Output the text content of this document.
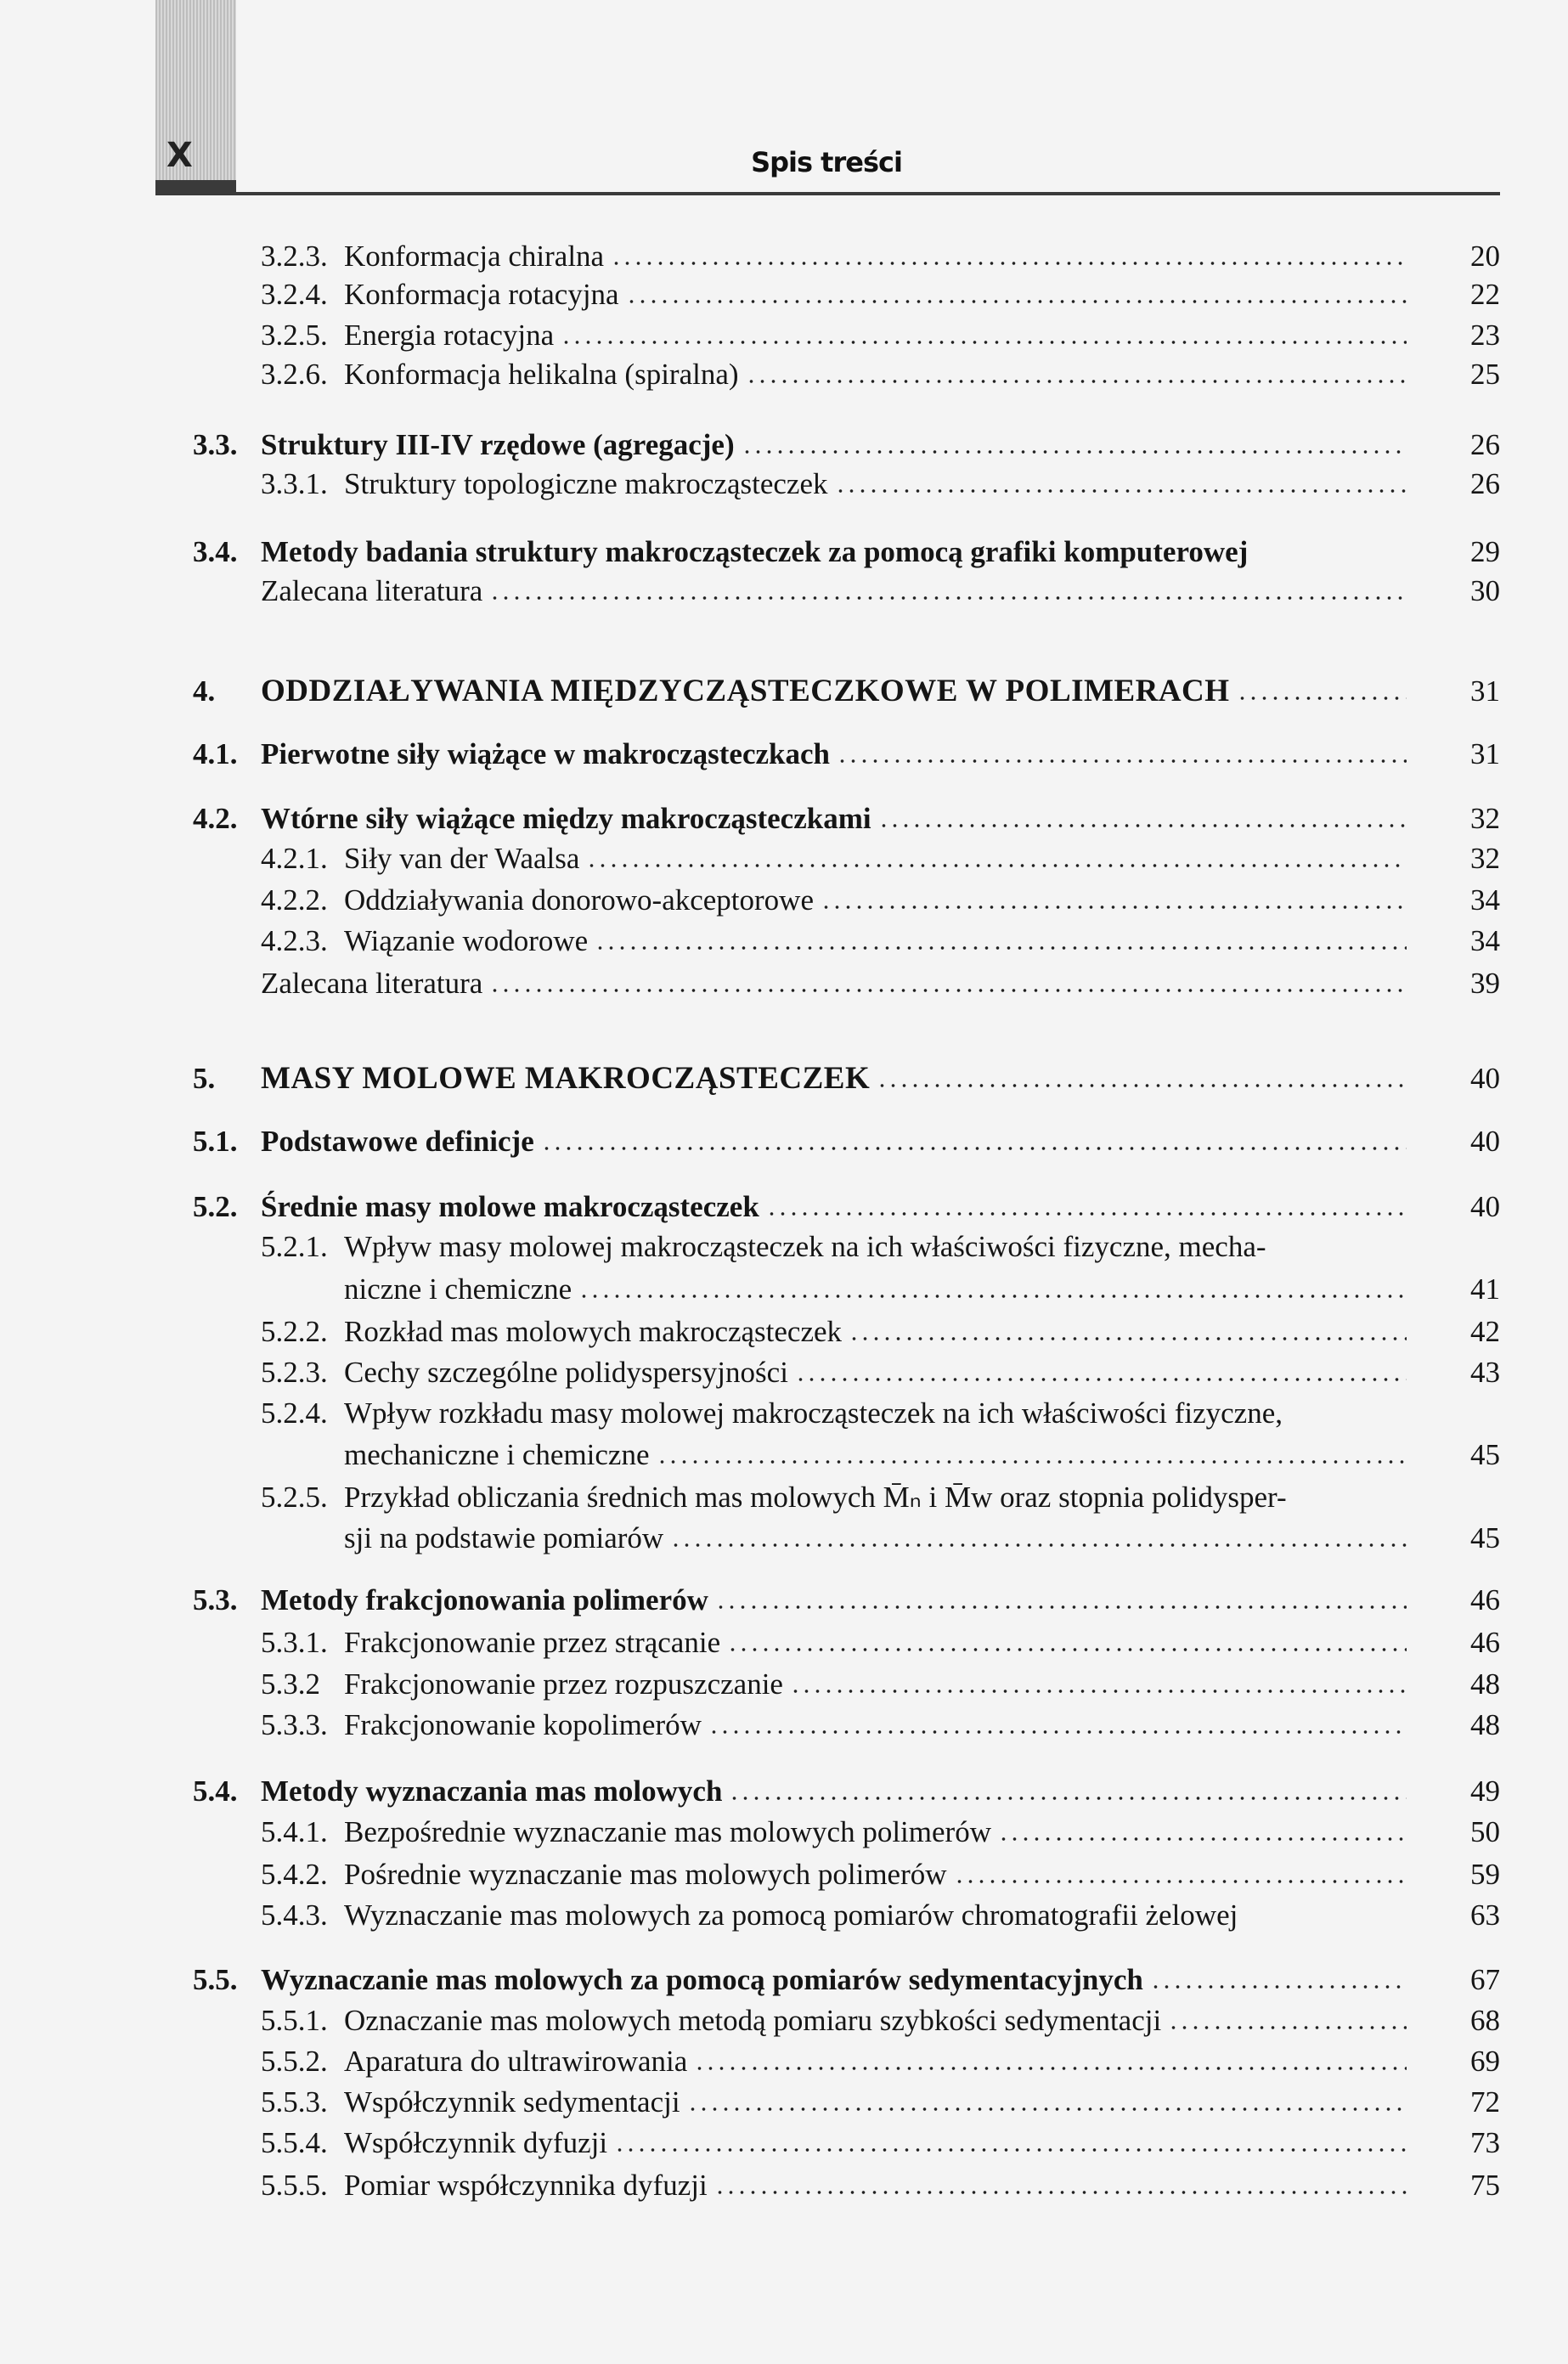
X	Spis treści
3.2.3. Konformacja chiralna	20
3.2.4. Konformacja rotacyjna	22
3.2.5. Energia rotacyjna	23
3.2.6. Konformacja helikalna (spiralna)	25
3.3. Struktury III-IV rzędowe (agregacje)	26
3.3.1. Struktury topologiczne makrocząsteczek	26
3.4. Metody badania struktury makrocząsteczek za pomocą grafiki komputerowej	29
Zalecana literatura	30
4.	ODDZIAŁYWANIA MIĘDZYCZĄSTECZKOWE W POLIMERACH	31
4.1. Pierwotne siły wiążące w makrocząsteczkach	31
4.2. Wtórne siły wiążące między makrocząsteczkami	32
4.2.1. Siły van der Waalsa	32
4.2.2. Oddziaływania donorowo-akceptorowe	34
4.2.3. Wiązanie wodorowe	34
Zalecana literatura	39
5.	MASY MOLOWE MAKROCZĄSTECZEK	40
5.1. Podstawowe definicje	40
5.2. Średnie masy molowe makrocząsteczek	40
5.2.1. Wpływ masy molowej makrocząsteczek na ich właściwości fizyczne, mecha-
niczne i chemiczne	41
5.2.2. Rozkład mas molowych makrocząsteczek	42
5.2.3. Cechy szczególne polidyspersyjności	43
5.2.4. Wpływ rozkładu masy molowej makrocząsteczek na ich właściwości fizyczne,
mechaniczne i chemiczne	45
5.2.5. Przykład obliczania średnich mas molowych M̄ₙ i M̄w oraz stopnia polidysper-
sji na podstawie pomiarów	45
5.3. Metody frakcjonowania polimerów	46
5.3.1. Frakcjonowanie przez strącanie	46
5.3.2 Frakcjonowanie przez rozpuszczanie	48
5.3.3. Frakcjonowanie kopolimerów	48
5.4. Metody wyznaczania mas molowych	49
5.4.1. Bezpośrednie wyznaczanie mas molowych polimerów	50
5.4.2. Pośrednie wyznaczanie mas molowych polimerów	59
5.4.3. Wyznaczanie mas molowych za pomocą pomiarów chromatografii żelowej	63
5.5. Wyznaczanie mas molowych za pomocą pomiarów sedymentacyjnych	67
5.5.1. Oznaczanie mas molowych metodą pomiaru szybkości sedymentacji	68
5.5.2. Aparatura do ultrawirowania	69
5.5.3. Współczynnik sedymentacji	72
5.5.4. Współczynnik dyfuzji	73
5.5.5. Pomiar współczynnika dyfuzji	75
